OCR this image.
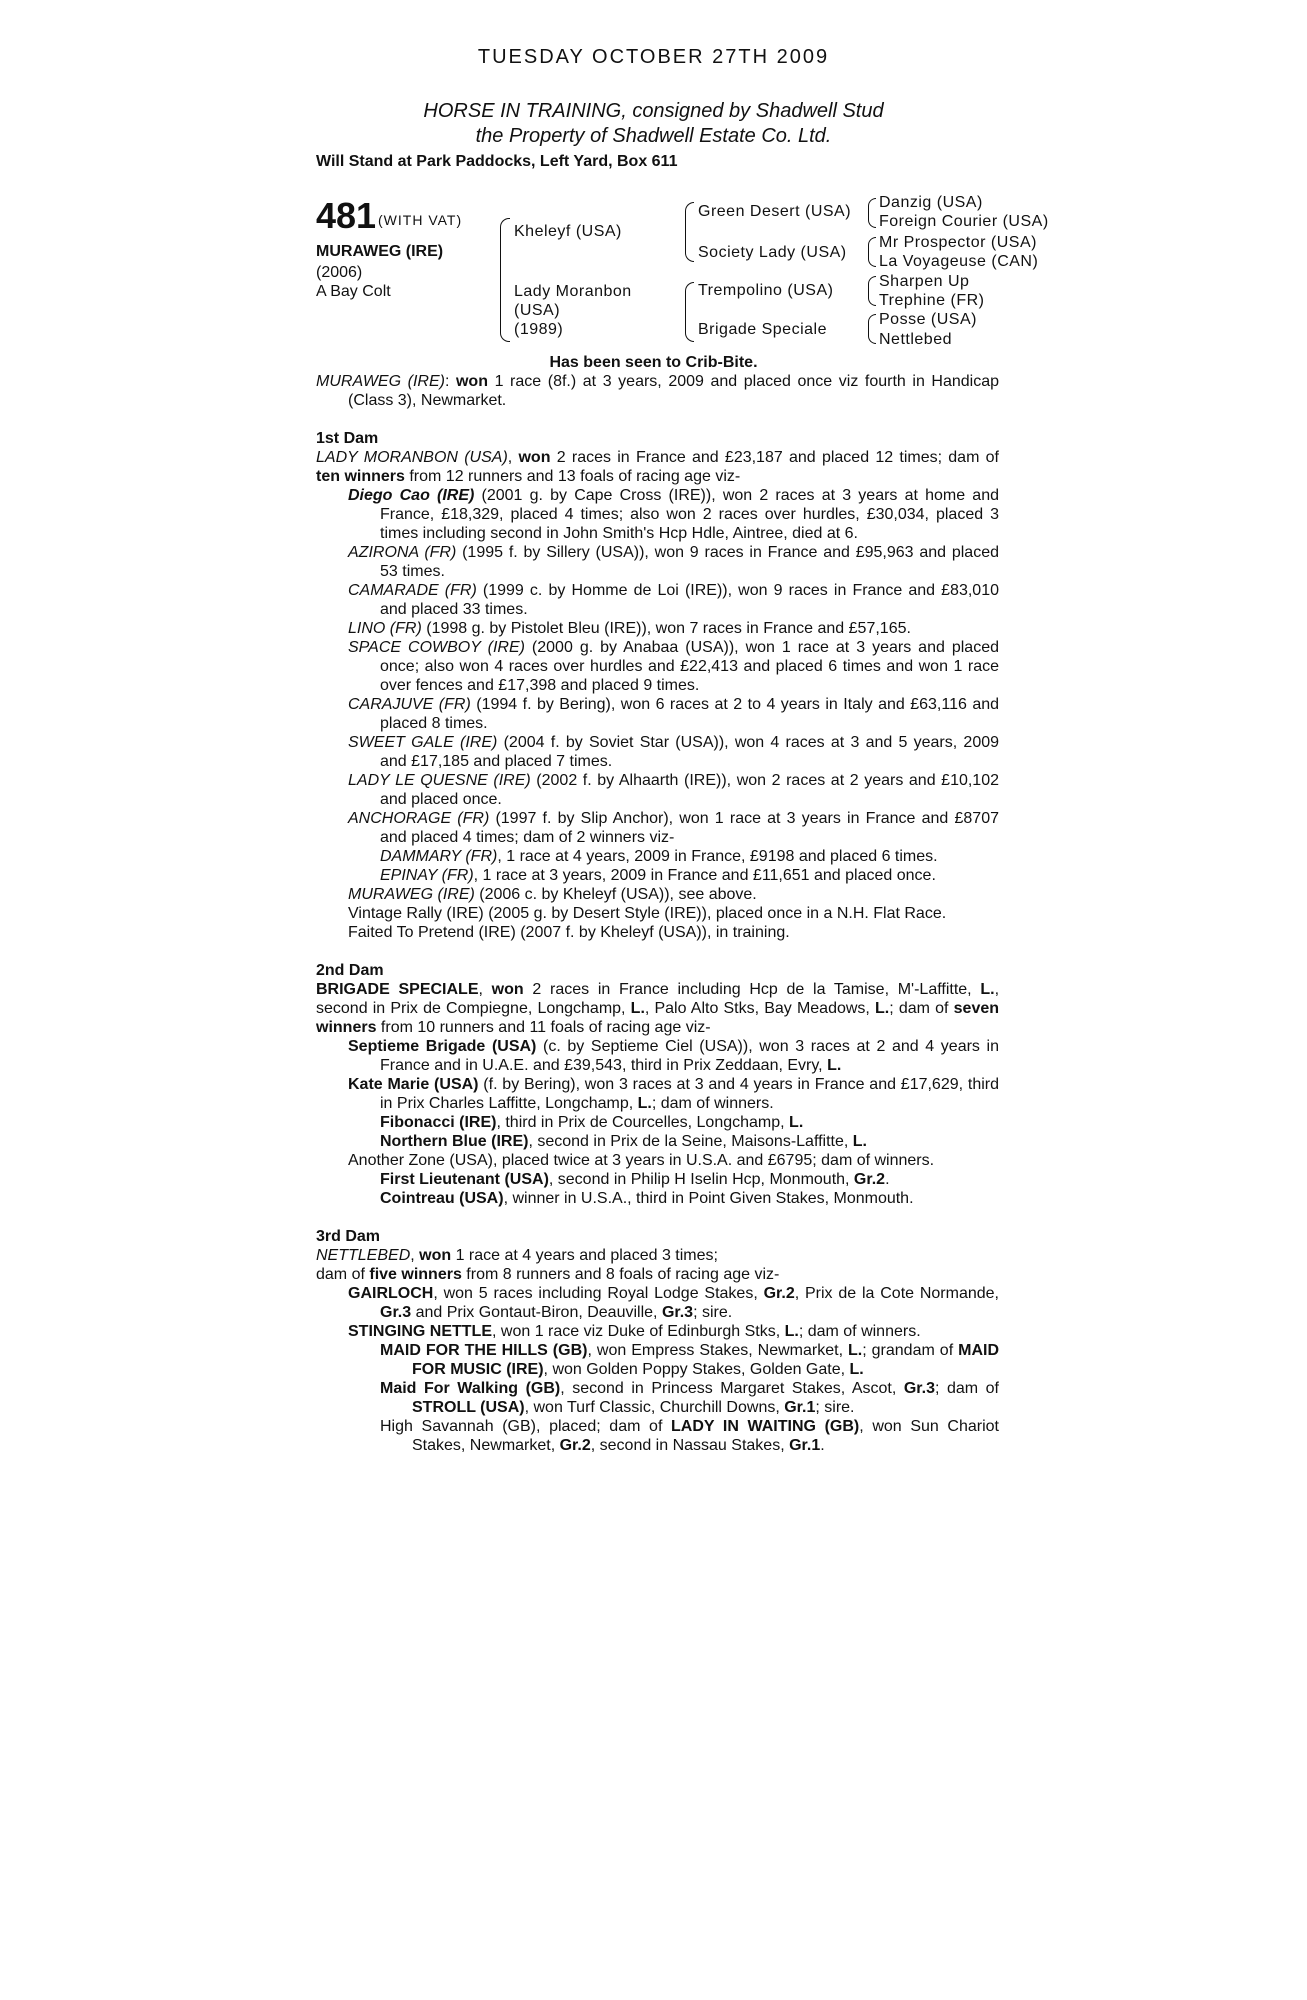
TUESDAY OCTOBER 27TH 2009
HORSE IN TRAINING, consigned by Shadwell Stud
the Property of Shadwell Estate Co. Ltd.
Will Stand at Park Paddocks, Left Yard, Box 611
481 (WITH VAT)
MURAWEG (IRE)
(2006)
A Bay Colt
Kheleyf (USA)
Lady Moranbon
(USA)
(1989)
Green Desert (USA)
Society Lady (USA)
Trempolino (USA)
Brigade Speciale
Danzig (USA)
Foreign Courier (USA)
Mr Prospector (USA)
La Voyageuse (CAN)
Sharpen Up
Trephine (FR)
Posse (USA)
Nettlebed
Has been seen to Crib-Bite.

MURAWEG (IRE): won 1 race (8f.) at 3 years, 2009 and placed once viz fourth in Handicap (Class 3), Newmarket.

1st Dam

LADY MORANBON (USA), won 2 races in France and £23,187 and placed 12 times; dam of ten winners from 12 runners and 13 foals of racing age viz-

Diego Cao (IRE) (2001 g. by Cape Cross (IRE)), won 2 races at 3 years at home and France, £18,329, placed 4 times; also won 2 races over hurdles, £30,034, placed 3 times including second in John Smith's Hcp Hdle, Aintree, died at 6.

AZIRONA (FR) (1995 f. by Sillery (USA)), won 9 races in France and £95,963 and placed 53 times.

CAMARADE (FR) (1999 c. by Homme de Loi (IRE)), won 9 races in France and £83,010 and placed 33 times.

LINO (FR) (1998 g. by Pistolet Bleu (IRE)), won 7 races in France and £57,165.

SPACE COWBOY (IRE) (2000 g. by Anabaa (USA)), won 1 race at 3 years and placed once; also won 4 races over hurdles and £22,413 and placed 6 times and won 1 race over fences and £17,398 and placed 9 times.

CARAJUVE (FR) (1994 f. by Bering), won 6 races at 2 to 4 years in Italy and £63,116 and placed 8 times.

SWEET GALE (IRE) (2004 f. by Soviet Star (USA)), won 4 races at 3 and 5 years, 2009 and £17,185 and placed 7 times.

LADY LE QUESNE (IRE) (2002 f. by Alhaarth (IRE)), won 2 races at 2 years and £10,102 and placed once.

ANCHORAGE (FR) (1997 f. by Slip Anchor), won 1 race at 3 years in France and £8707 and placed 4 times; dam of 2 winners viz-

DAMMARY (FR), 1 race at 4 years, 2009 in France, £9198 and placed 6 times.

EPINAY (FR), 1 race at 3 years, 2009 in France and £11,651 and placed once.

MURAWEG (IRE) (2006 c. by Kheleyf (USA)), see above.

Vintage Rally (IRE) (2005 g. by Desert Style (IRE)), placed once in a N.H. Flat Race.

Faited To Pretend (IRE) (2007 f. by Kheleyf (USA)), in training.

2nd Dam

BRIGADE SPECIALE, won 2 races in France including Hcp de la Tamise, M'-Laffitte, L., second in Prix de Compiegne, Longchamp, L., Palo Alto Stks, Bay Meadows, L.; dam of seven winners from 10 runners and 11 foals of racing age viz-

Septieme Brigade (USA) (c. by Septieme Ciel (USA)), won 3 races at 2 and 4 years in France and in U.A.E. and £39,543, third in Prix Zeddaan, Evry, L.

Kate Marie (USA) (f. by Bering), won 3 races at 3 and 4 years in France and £17,629, third in Prix Charles Laffitte, Longchamp, L.; dam of winners.

Fibonacci (IRE), third in Prix de Courcelles, Longchamp, L.

Northern Blue (IRE), second in Prix de la Seine, Maisons-Laffitte, L.

Another Zone (USA), placed twice at 3 years in U.S.A. and £6795; dam of winners.

First Lieutenant (USA), second in Philip H Iselin Hcp, Monmouth, Gr.2.

Cointreau (USA), winner in U.S.A., third in Point Given Stakes, Monmouth.

3rd Dam

NETTLEBED, won 1 race at 4 years and placed 3 times;
dam of five winners from 8 runners and 8 foals of racing age viz-

GAIRLOCH, won 5 races including Royal Lodge Stakes, Gr.2, Prix de la Cote Normande, Gr.3 and Prix Gontaut-Biron, Deauville, Gr.3; sire.

STINGING NETTLE, won 1 race viz Duke of Edinburgh Stks, L.; dam of winners.

MAID FOR THE HILLS (GB), won Empress Stakes, Newmarket, L.; grandam of MAID FOR MUSIC (IRE), won Golden Poppy Stakes, Golden Gate, L.

Maid For Walking (GB), second in Princess Margaret Stakes, Ascot, Gr.3; dam of STROLL (USA), won Turf Classic, Churchill Downs, Gr.1; sire.

High Savannah (GB), placed; dam of LADY IN WAITING (GB), won Sun Chariot Stakes, Newmarket, Gr.2, second in Nassau Stakes, Gr.1.
